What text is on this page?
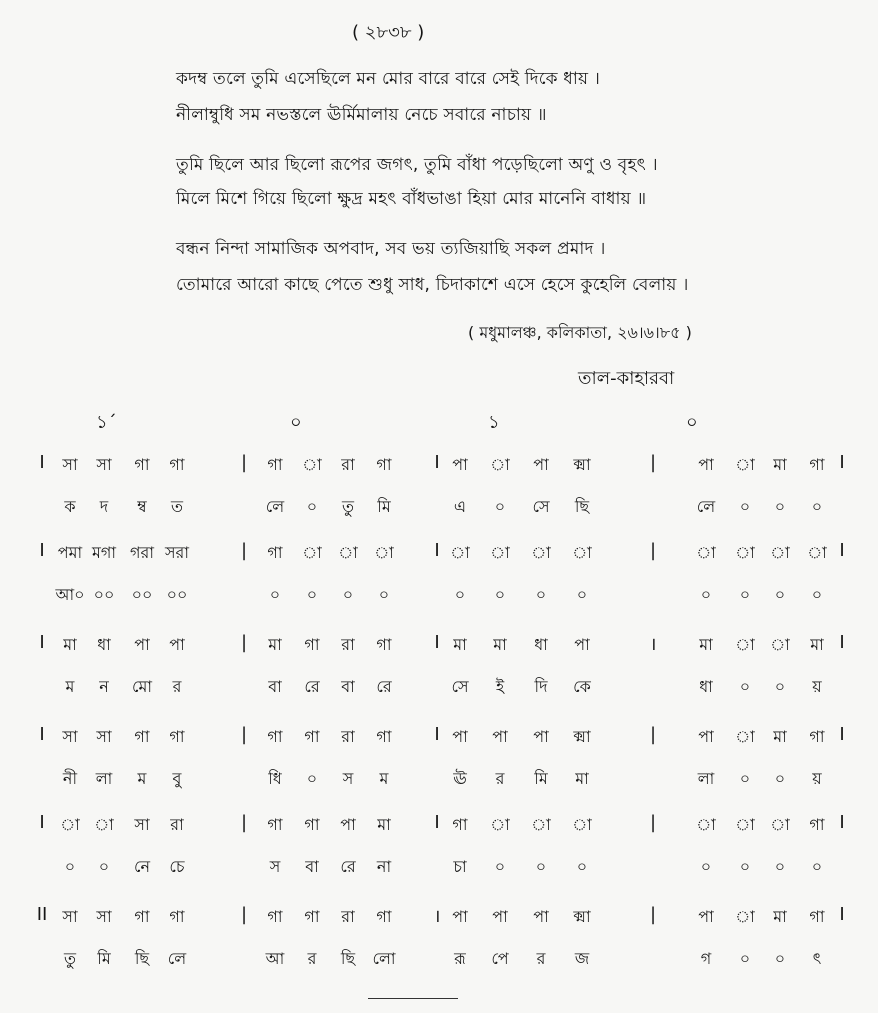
( ২৮৩৮ )
কদম্ব তলে তুমি এসেছিলে মন মোর বারে বারে সেই দিকে ধায় ।
নীলাম্বুধি সম নভস্তলে ঊর্মিমালায় নেচে সবারে নাচায় ॥
তুমি ছিলে আর ছিলো রূপের জগৎ, তুমি বাঁধা পড়েছিলো অণু ও বৃহৎ ।
মিলে মিশে গিয়ে ছিলো ক্ষুদ্র মহৎ বাঁধভাঙা হিয়া মোর মানেনি বাধায় ॥
বন্ধন নিন্দা সামাজিক অপবাদ, সব ভয় ত্যজিয়াছি সকল প্রমাদ ।
তোমারে আরো কাছে পেতে শুধু সাধ, চিদাকাশে এসে হেসে কুহেলি বেলায় ।
( মধুমালঞ্চ, কলিকাতা, ২৬।৬।৮৫ )
তাল-কাহারবা
১´	০	১	০
I সা সা গা গা	| গা া রা গা I পা া পা ক্মা	|	পা া মা গা I
ক দ ম্ব ত	লে ০ তু মি	এ ০ সে ছি	লে ০ ০ ০
I পমা মগা গরা সরা	| গা া া া I া া া া	|	া া া া I
আ০ ০০ ০০ ০০	০ ০ ০ ০	০ ০ ০ ০	০ ০ ০ ০
I মা ধা পা পা	| মা গা রা গা I মা মা ধা পা	।	মা া া মা I
ম ন মো র	বা রে বা রে	সে ই দি কে	ধা ০ ০ য়
I সা সা গা গা	| গা গা রা গা I পা পা পা ক্মা	|	পা া মা গা I
নী লা ম বু	ধি ০ স ম	ঊ র মি মা	লা ০ ০ য়
I া া সা রা	| গা গা পা মা I গা া া া	|	া া া গা I
০ ০ নে চে	স বা রে না	চা ০ ০ ০	০ ০ ০ ০
II সা সা গা গা	| গা গা রা গা । পা পা পা ক্মা	|	পা া মা গা I
তু মি ছি লে	আ র ছি লো	রূ পে র জ	গ ০ ০ ৎ
